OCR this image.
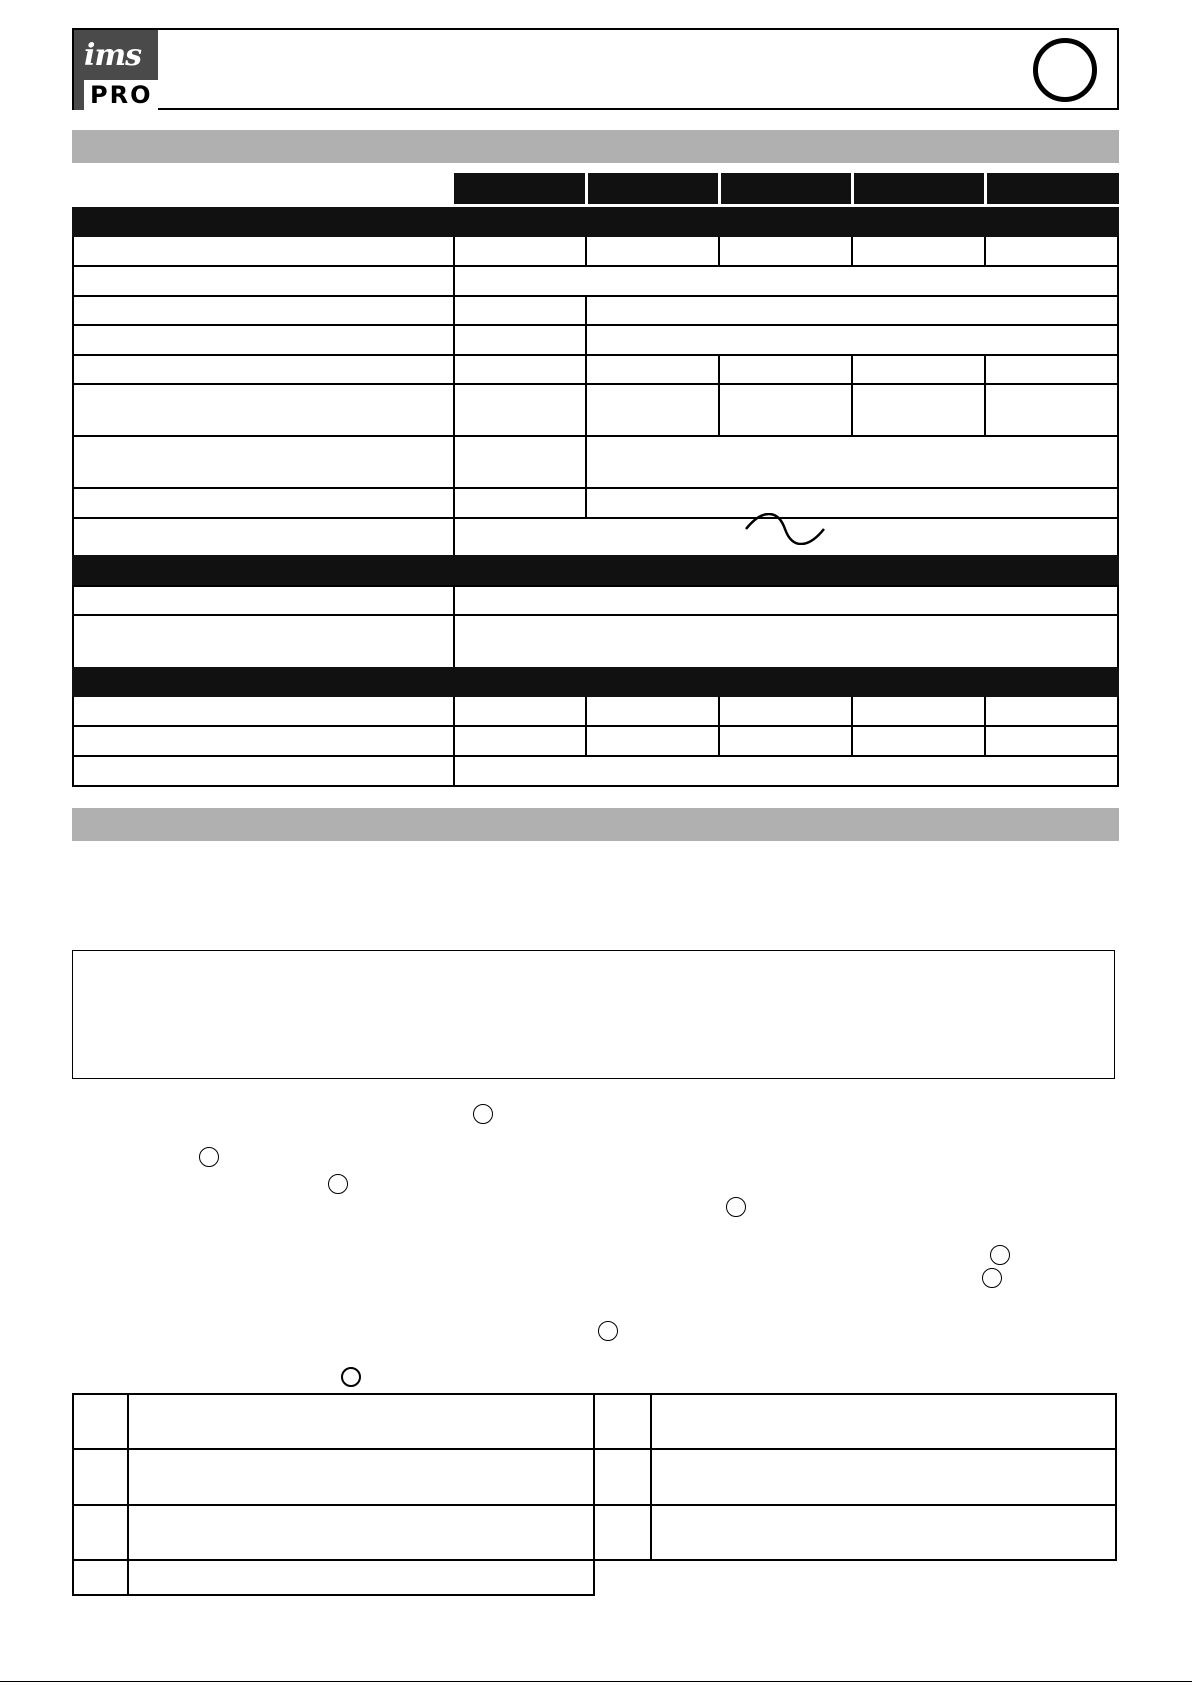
ims
PRO
